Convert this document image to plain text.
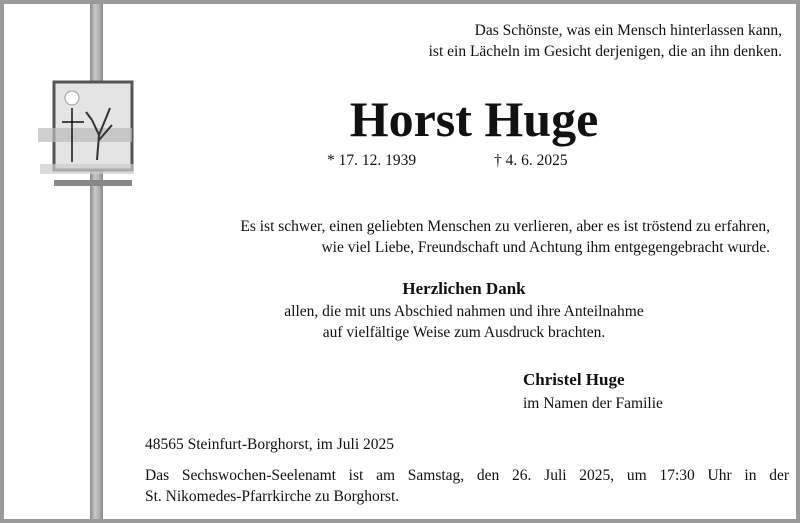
Das Schönste, was ein Mensch hinterlassen kann,
ist ein Lächeln im Gesicht derjenigen, die an ihn denken.
Horst Huge
* 17. 12. 1939	† 4. 6. 2025
Es ist schwer, einen geliebten Menschen zu verlieren, aber es ist tröstend zu erfahren,
wie viel Liebe, Freundschaft und Achtung ihm entgegengebracht wurde.
Herzlichen Dank
allen, die mit uns Abschied nahmen und ihre Anteilnahme
auf vielfältige Weise zum Ausdruck brachten.
Christel Huge
im Namen der Familie
48565 Steinfurt-Borghorst, im Juli 2025
Das Sechswochen-Seelenamt ist am Samstag, den 26. Juli 2025, um 17:30 Uhr in der
St. Nikomedes-Pfarrkirche zu Borghorst.
